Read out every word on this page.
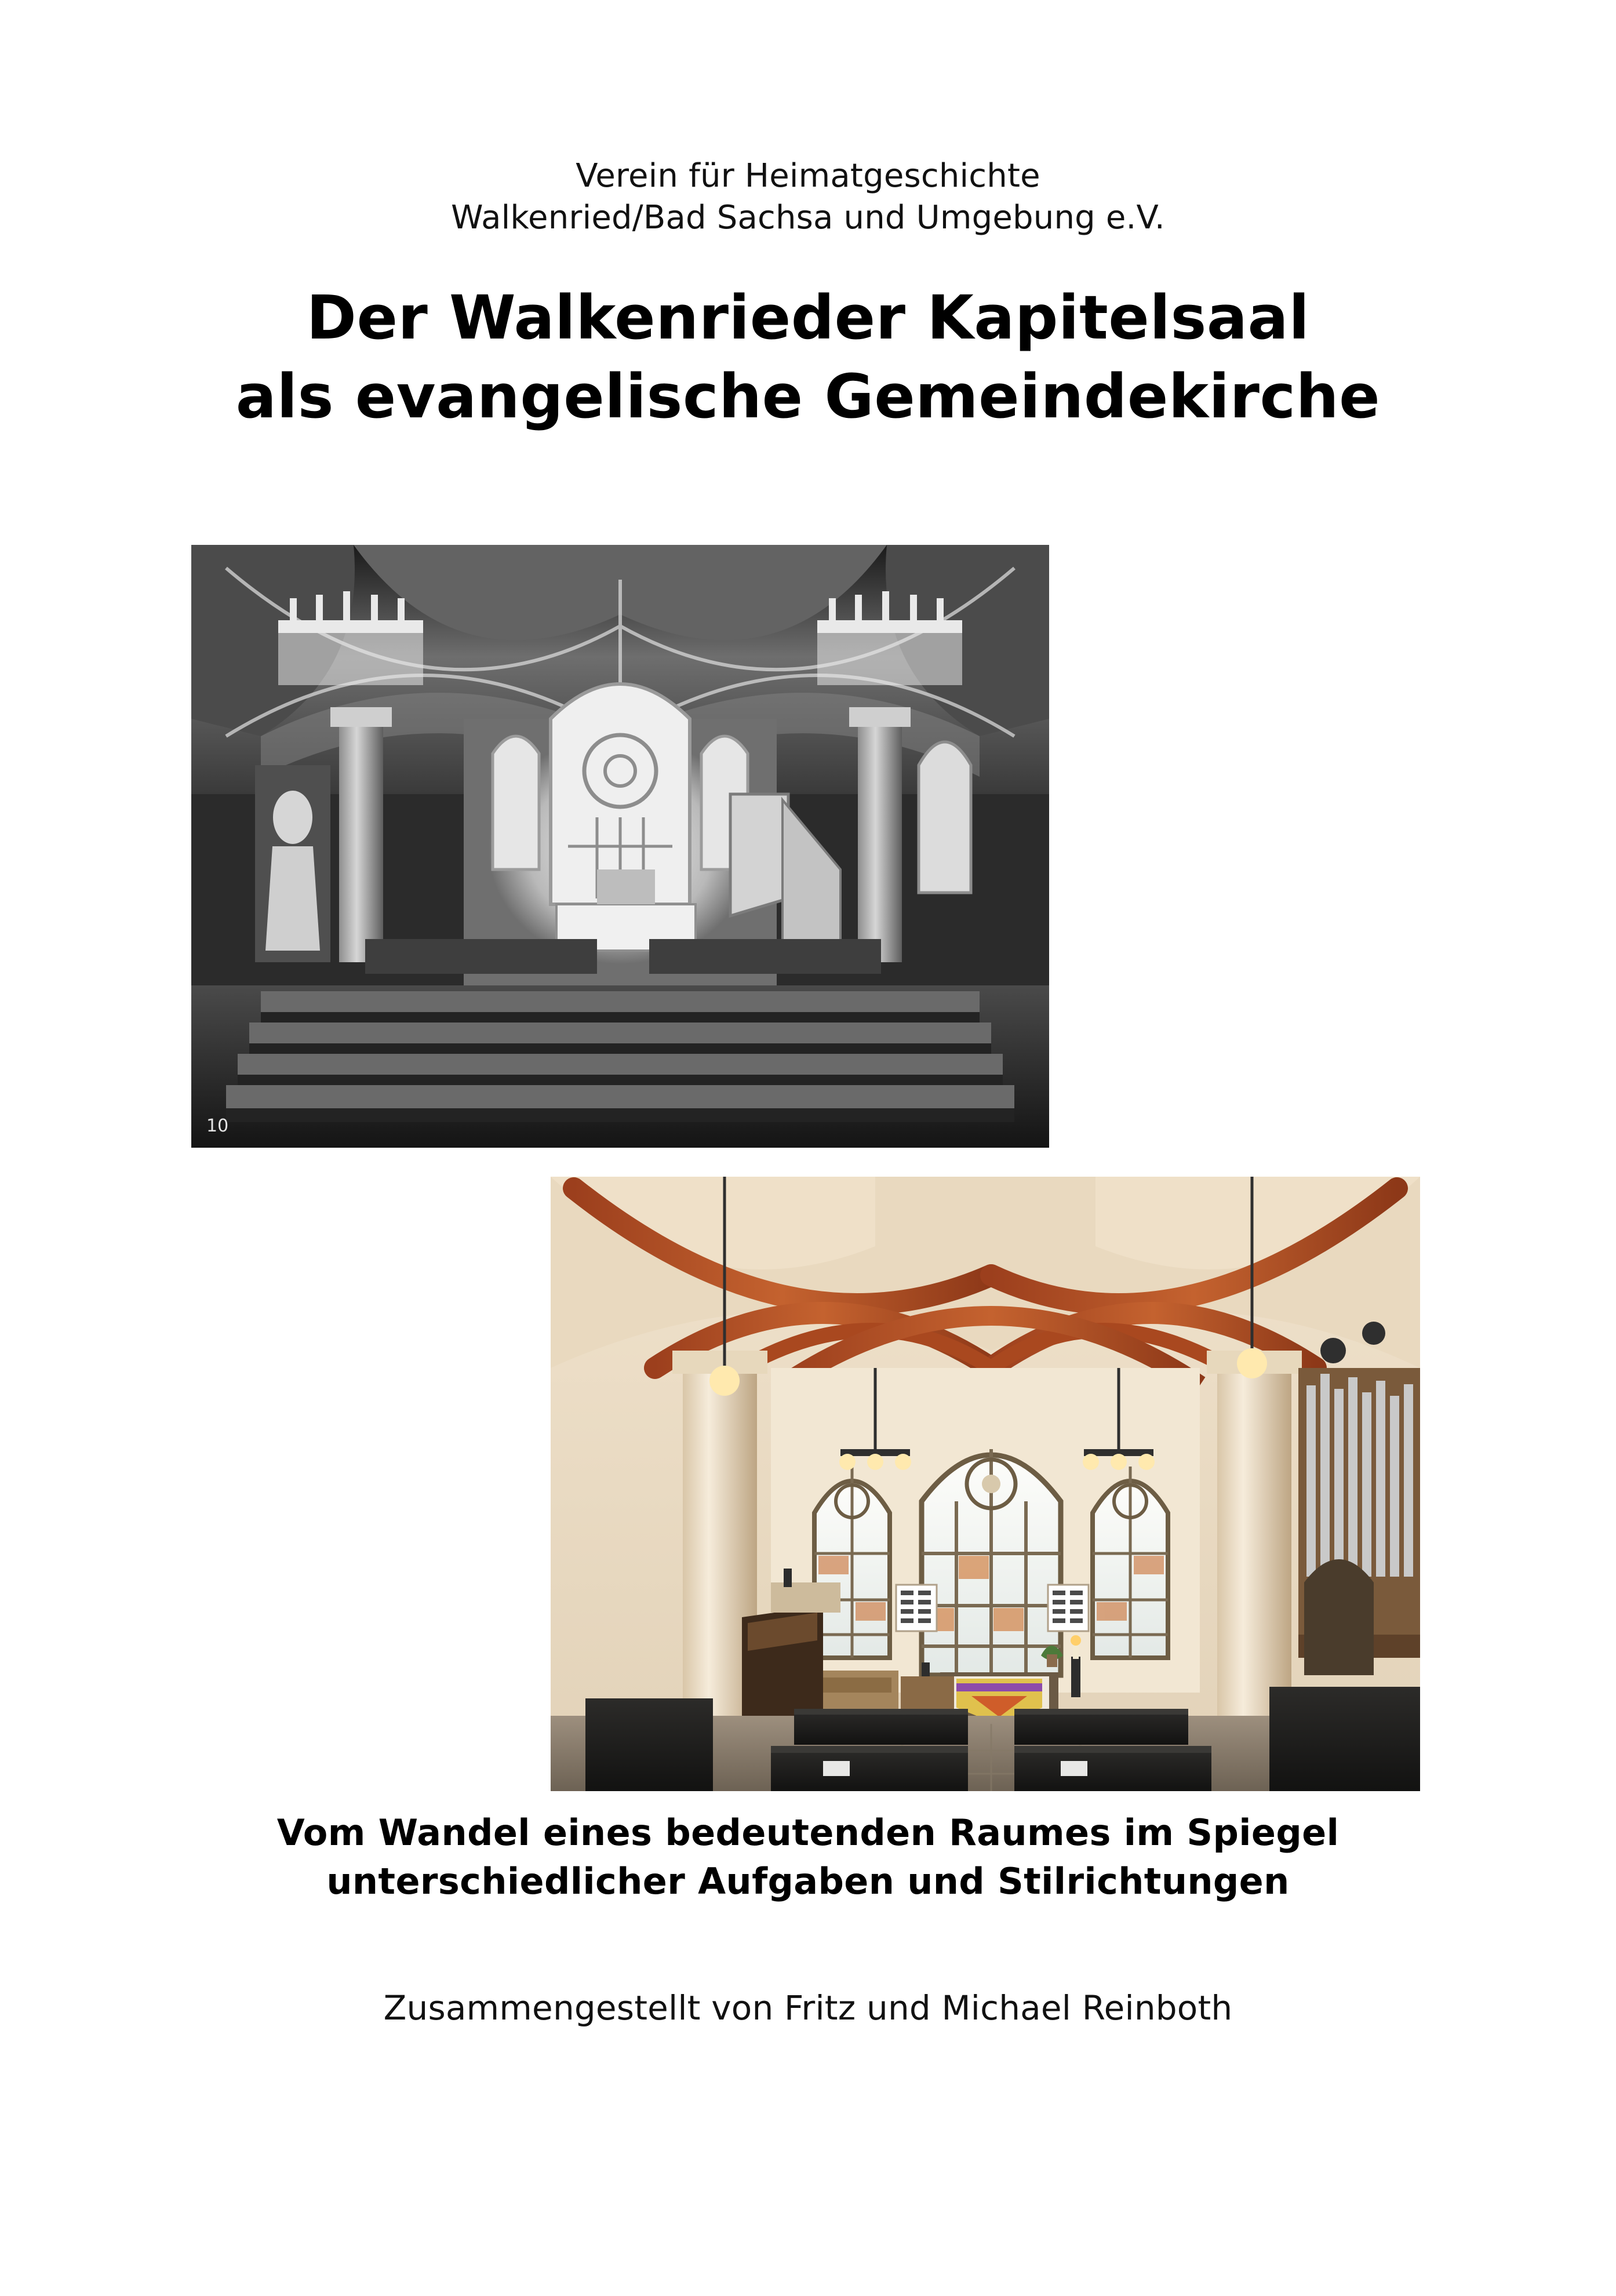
Verein für Heimatgeschichte
Walkenried/Bad Sachsa und Umgebung e.V.
Der Walkenrieder Kapitelsaal
als evangelische Gemeindekirche
10
Vom Wandel eines bedeutenden Raumes im Spiegel
unterschiedlicher Aufgaben und Stilrichtungen
Zusammengestellt von Fritz und Michael Reinboth
